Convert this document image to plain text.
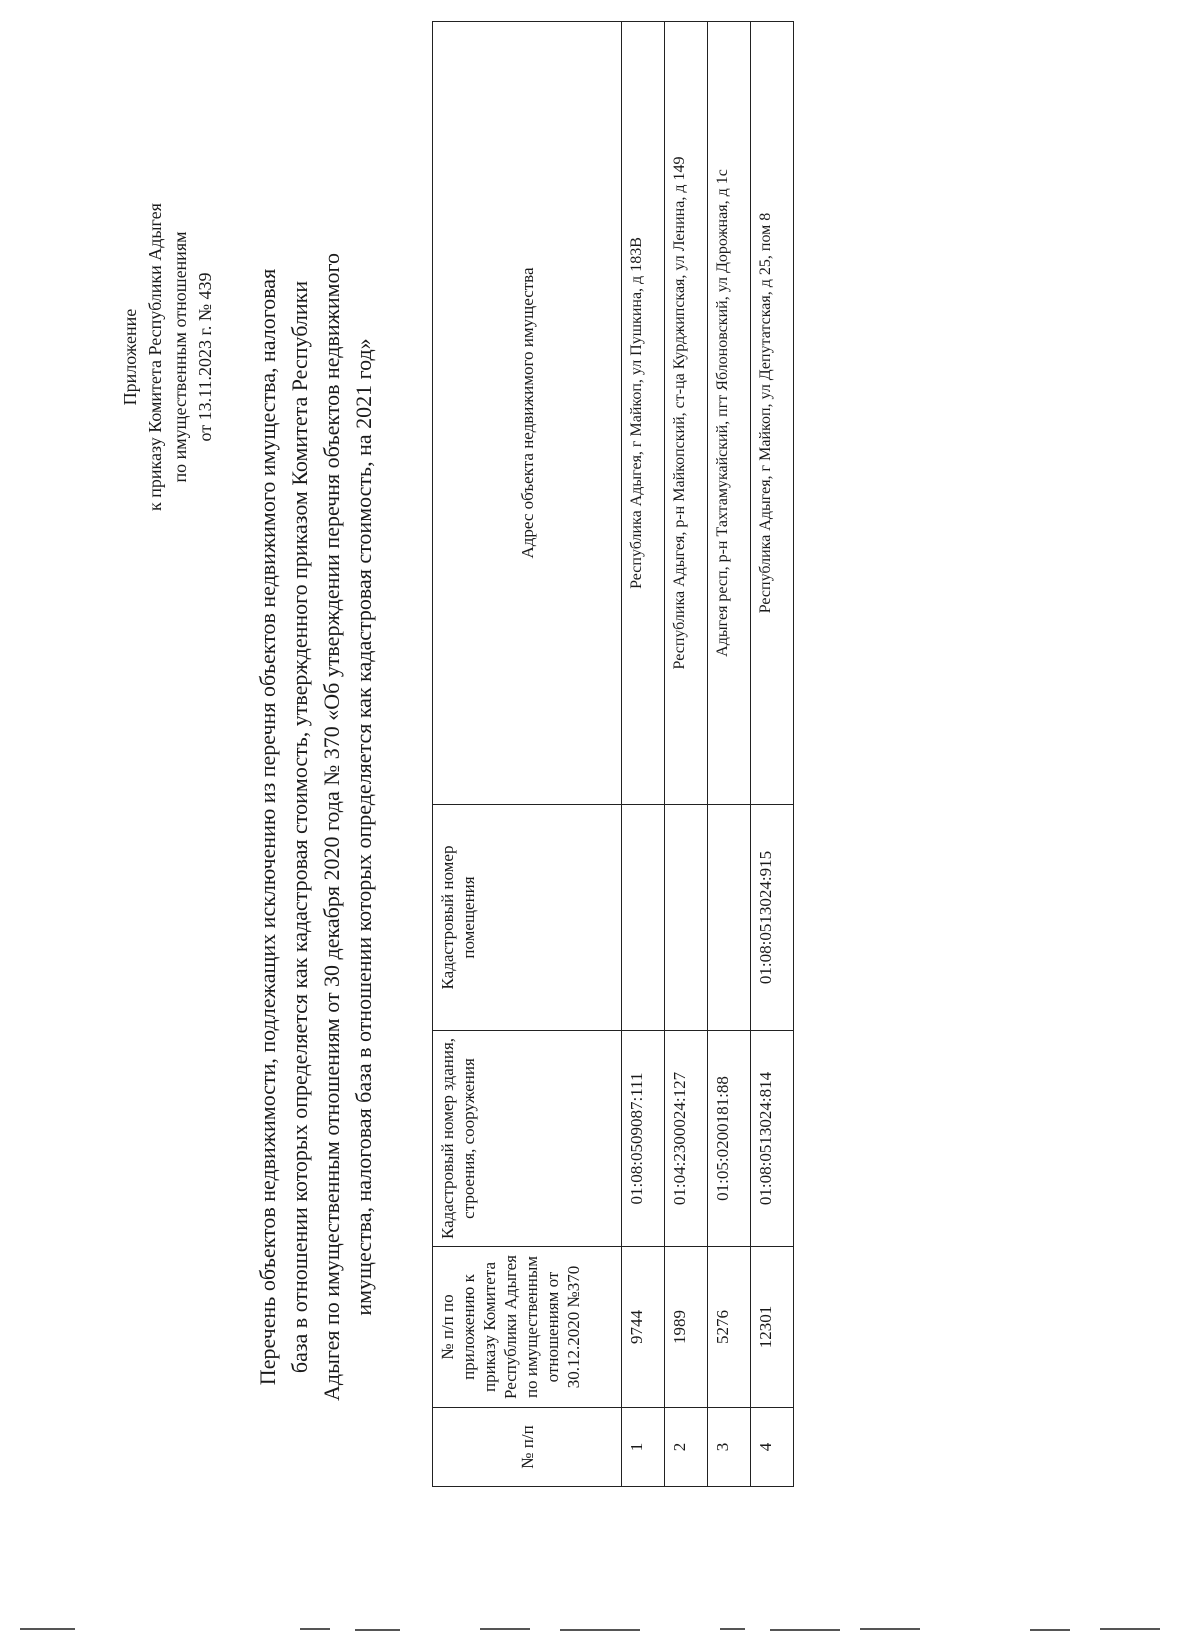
Приложение к приказу Комитета Республики Адыгея по имущественным отношениям от 13.11.2023 г. № 439 Перечень объектов недвижимости, подлежащих исключению из перечня объектов недвижимого имущества, налоговая база в отношении которых определяется как кадастровая стоимость, утвержденного приказом Комитета Республики Адыгея по имущественным отношениям от 30 декабря 2020 года № 370 «Об утверждении перечня объектов недвижимого имущества, налоговая база в отношении которых определяется как кадастровая стоимость, на 2021 год»
№ п/п	№ п/п по приложению к приказу Комитета Республики Адыгея по имущественным отношениям от 30.12.2020 №370	Кадастровый номер здания, строения, сооружения	Кадастровый номер помещения	Адрес объекта недвижимого имущества
1	9744	01:08:0509087:111		Республика Адыгея, г Майкоп, ул Пушкина, д 183В
2	1989	01:04:2300024:127		Республика Адыгея, р-н Майкопский, ст-ца Курджипская, ул Ленина, д 149
3	5276	01:05:0200181:88		Адыгея респ, р-н Тахтамукайский, пгт Яблоновский, ул Дорожная, д 1с
4	12301	01:08:0513024:814	01:08:0513024:915	Республика Адыгея, г Майкоп, ул Депутатская, д 25, пом 8
